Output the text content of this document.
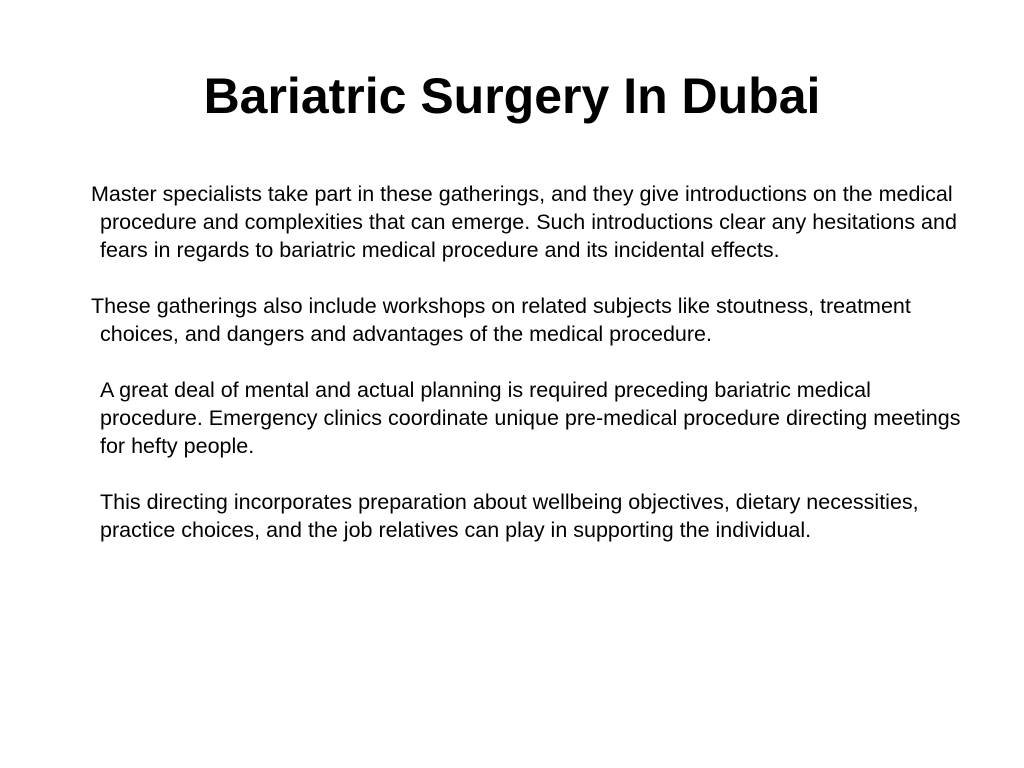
Bariatric Surgery In Dubai

Master specialists take part in these gatherings, and they give introductions on the medical procedure and complexities that can emerge. Such introductions clear any hesitations and fears in regards to bariatric medical procedure and its incidental effects.

These gatherings also include workshops on related subjects like stoutness, treatment choices, and dangers and advantages of the medical procedure.

A great deal of mental and actual planning is required preceding bariatric medical procedure. Emergency clinics coordinate unique pre-medical procedure directing meetings for hefty people.

This directing incorporates preparation about wellbeing objectives, dietary necessities, practice choices, and the job relatives can play in supporting the individual.
